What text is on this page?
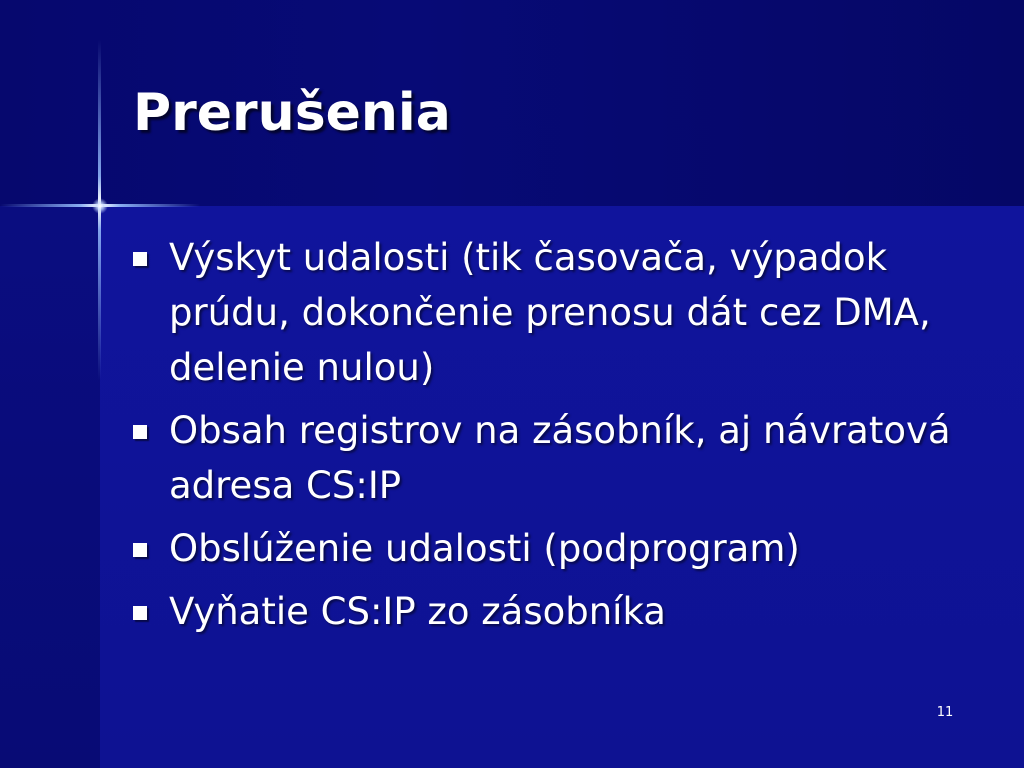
Prerušenia
Výskyt udalosti (tik časovača, výpadok prúdu, dokončenie prenosu dát cez DMA, delenie nulou)
Obsah registrov na zásobník, aj návratová adresa CS:IP
Obslúženie udalosti (podprogram)
Vyňatie CS:IP zo zásobníka
11
